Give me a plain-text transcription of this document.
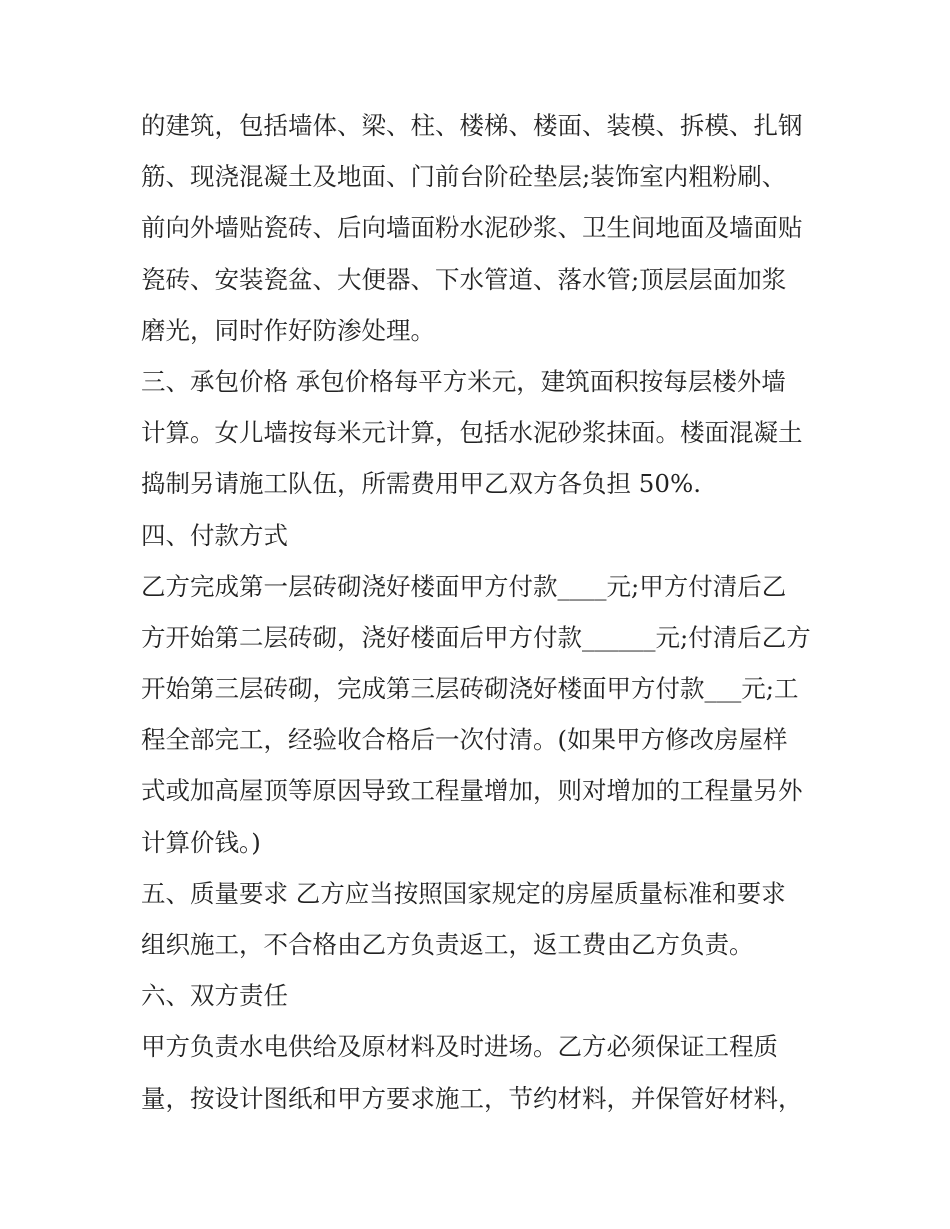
的建筑，包括墙体、梁、柱、楼梯、楼面、装模、拆模、扎钢
筋、现浇混凝土及地面、门前台阶砼垫层;装饰室内粗粉刷、
前向外墙贴瓷砖、后向墙面粉水泥砂浆、卫生间地面及墙面贴
瓷砖、安装瓷盆、大便器、下水管道、落水管;顶层层面加浆
磨光，同时作好防渗处理。
三、承包价格 承包价格每平方米元，建筑面积按每层楼外墙
计算。女儿墙按每米元计算，包括水泥砂浆抹面。楼面混凝土
捣制另请施工队伍，所需费用甲乙双方各负担 50%.
四、付款方式
乙方完成第一层砖砌浇好楼面甲方付款____元;甲方付清后乙
方开始第二层砖砌，浇好楼面后甲方付款______元;付清后乙方
开始第三层砖砌，完成第三层砖砌浇好楼面甲方付款___元;工
程全部完工，经验收合格后一次付清。(如果甲方修改房屋样
式或加高屋顶等原因导致工程量增加，则对增加的工程量另外
计算价钱。)
五、质量要求 乙方应当按照国家规定的房屋质量标准和要求
组织施工，不合格由乙方负责返工，返工费由乙方负责。
六、双方责任
甲方负责水电供给及原材料及时进场。乙方必须保证工程质
量，按设计图纸和甲方要求施工，节约材料，并保管好材料，
